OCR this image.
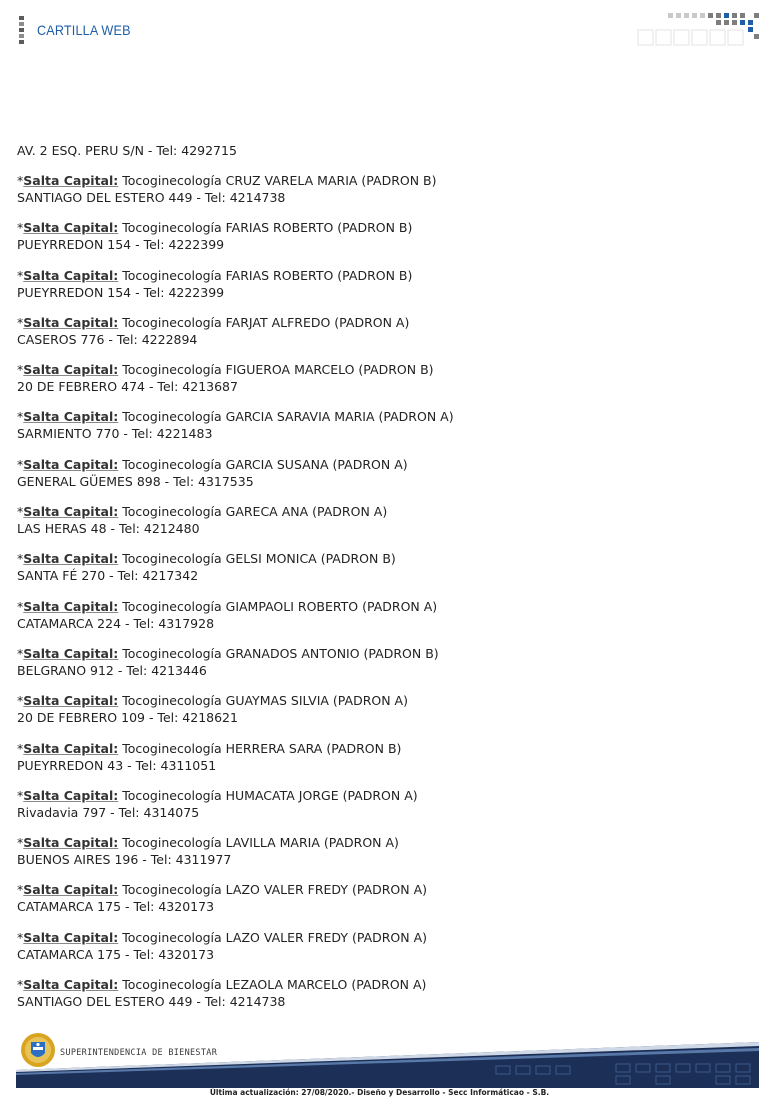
CARTILLA WEB
AV. 2 ESQ. PERU S/N - Tel: 4292715
*Salta Capital: Tocoginecología CRUZ VARELA MARIA (PADRON B)
SANTIAGO DEL ESTERO 449 - Tel: 4214738
*Salta Capital: Tocoginecología FARIAS ROBERTO (PADRON B)
PUEYRREDON 154 - Tel: 4222399
*Salta Capital: Tocoginecología FARIAS ROBERTO (PADRON B)
PUEYRREDON 154 - Tel: 4222399
*Salta Capital: Tocoginecología FARJAT ALFREDO (PADRON A)
CASEROS 776 - Tel: 4222894
*Salta Capital: Tocoginecología FIGUEROA MARCELO (PADRON B)
20 DE FEBRERO 474 - Tel: 4213687
*Salta Capital: Tocoginecología GARCIA SARAVIA MARIA (PADRON A)
SARMIENTO 770 - Tel: 4221483
*Salta Capital: Tocoginecología GARCIA SUSANA (PADRON A)
GENERAL GÜEMES 898 - Tel: 4317535
*Salta Capital: Tocoginecología GARECA ANA (PADRON A)
LAS HERAS 48 - Tel: 4212480
*Salta Capital: Tocoginecología GELSI MONICA (PADRON B)
SANTA FÉ 270 - Tel: 4217342
*Salta Capital: Tocoginecología GIAMPAOLI ROBERTO (PADRON A)
CATAMARCA 224 - Tel: 4317928
*Salta Capital: Tocoginecología GRANADOS ANTONIO (PADRON B)
BELGRANO 912 - Tel: 4213446
*Salta Capital: Tocoginecología GUAYMAS SILVIA (PADRON A)
20 DE FEBRERO 109 - Tel: 4218621
*Salta Capital: Tocoginecología HERRERA SARA (PADRON B)
PUEYRREDON 43 - Tel: 4311051
*Salta Capital: Tocoginecología HUMACATA JORGE (PADRON A)
Rivadavia 797 - Tel: 4314075
*Salta Capital: Tocoginecología LAVILLA MARIA (PADRON A)
BUENOS AIRES 196 - Tel: 4311977
*Salta Capital: Tocoginecología LAZO VALER FREDY (PADRON A)
CATAMARCA 175 - Tel: 4320173
*Salta Capital: Tocoginecología LAZO VALER FREDY (PADRON A)
CATAMARCA 175 - Tel: 4320173
*Salta Capital: Tocoginecología LEZAOLA MARCELO (PADRON A)
SANTIAGO DEL ESTERO 449 - Tel: 4214738
SUPERINTENDENCIA DE BIENESTAR
Última actualización: 27/08/2020.- Diseño y Desarrollo - Secc Informáticao - S.B.
